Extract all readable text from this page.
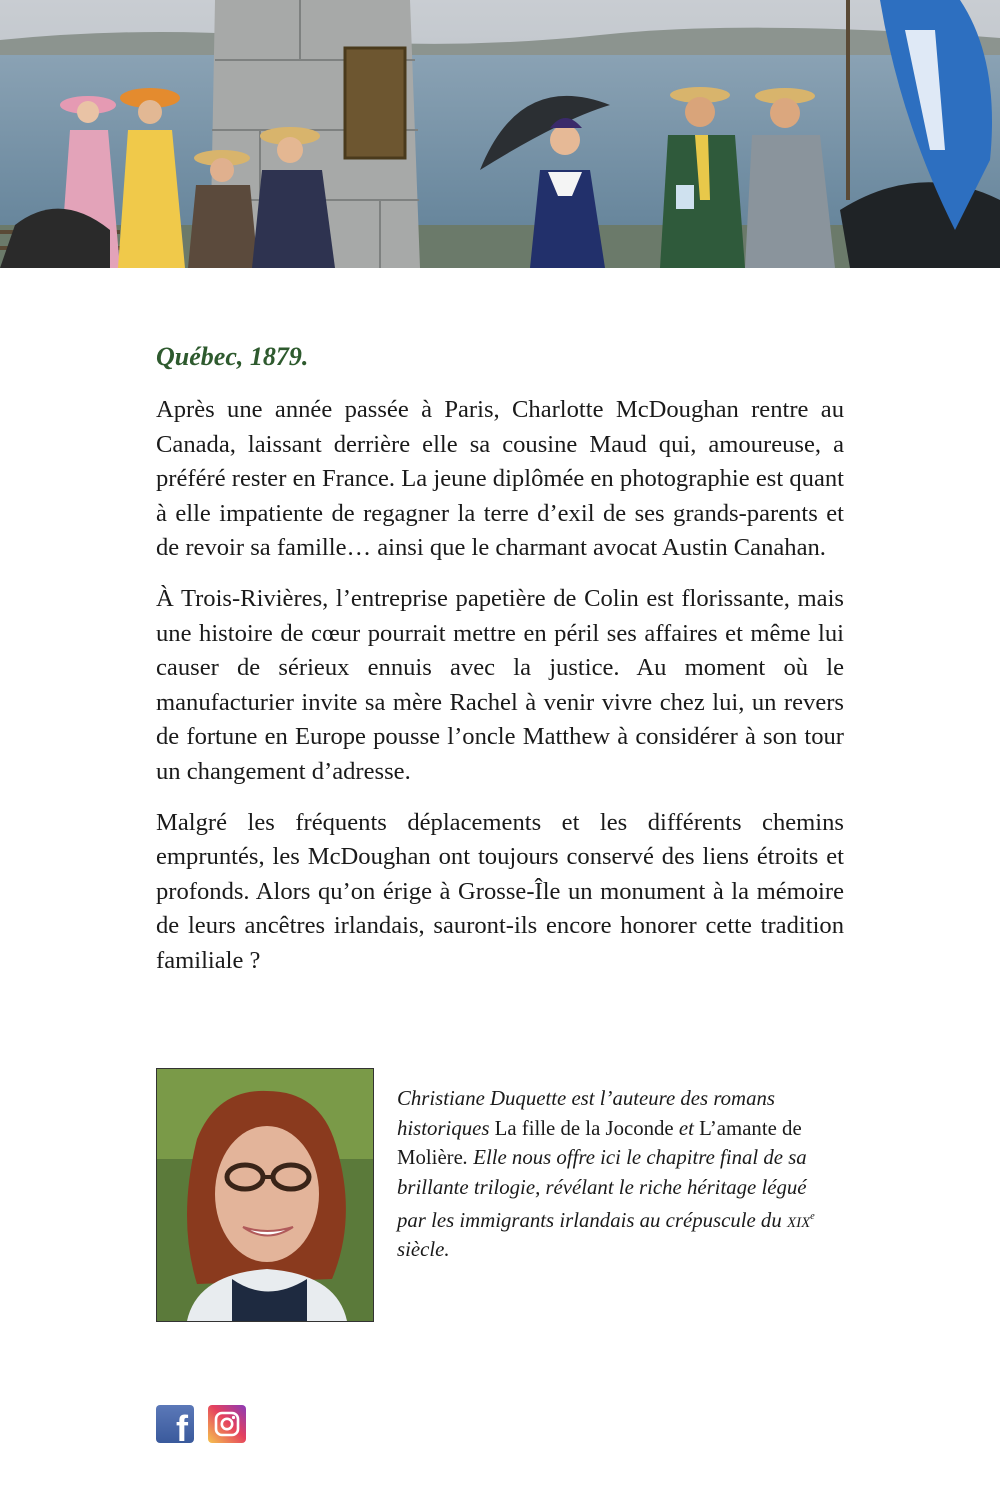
Québec, 1879.

Après une année passée à Paris, Charlotte McDoughan rentre au Canada, laissant derrière elle sa cousine Maud qui, amoureuse, a préféré rester en France. La jeune diplômée en photographie est quant à elle impatiente de regagner la terre d’exil de ses grands-parents et de revoir sa famille… ainsi que le charmant avocat Austin Canahan.

À Trois-Rivières, l’entreprise papetière de Colin est florissante, mais une histoire de cœur pourrait mettre en péril ses affaires et même lui causer de sérieux ennuis avec la justice. Au moment où le manufacturier invite sa mère Rachel à venir vivre chez lui, un revers de fortune en Europe pousse l’oncle Matthew à considérer à son tour un changement d’adresse.

Malgré les fréquents déplacements et les différents chemins empruntés, les McDoughan ont toujours conservé des liens étroits et profonds. Alors qu’on érige à Grosse-Île un monument à la mémoire de leurs ancêtres irlandais, sauront-ils encore honorer cette tradition familiale ?

Christiane Duquette est l’auteure des romans historiques La fille de la Joconde et L’amante de Molière. Elle nous offre ici le chapitre final de sa brillante trilogie, révélant le riche héritage légué par les immigrants irlandais au crépuscule du xix$^e$ siècle.

f
